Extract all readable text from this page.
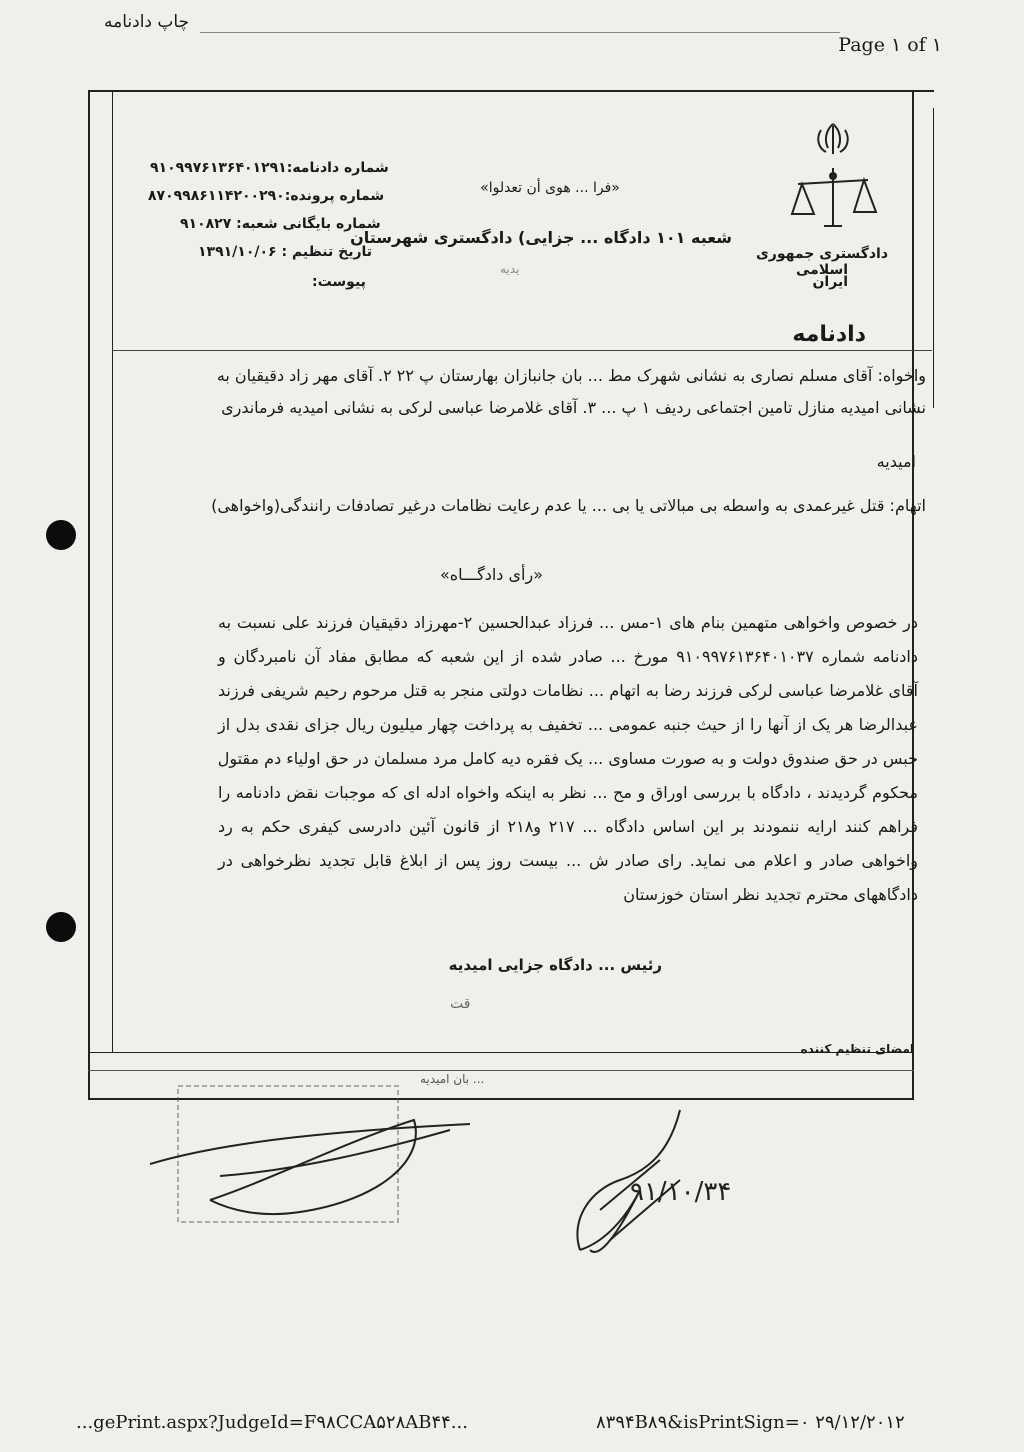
چاپ دادنامه
Page ١ of ١
دادگستری جمهوری اسلامی
ایران
دادنامه
«فرا ... هوی أن تعدلوا»
شعبه ۱۰۱ دادگاه ... جزایی) دادگستری شهرستان
یدیه
شماره دادنامه:۹۱۰۹۹۷۶۱۳۶۴۰۱۲۹۱
شماره پرونده:۸۷۰۹۹۸۶۱۱۴۲۰۰۲۹۰
شماره بایگانی شعبه: ۹۱۰۸۲۷
تاریخ تنظیم : ۱۳۹۱/۱۰/۰۶
پیوست:
واخواه: آقای مسلم نصاری به نشانی شهرک مط ... بان جانبازان بهارستان پ ۲۲ ۲. آقای مهر زاد دقیقیان به
نشانی امیدیه منازل تامین اجتماعی ردیف ۱ پ ... ۳. آقای غلامرضا عباسی لرکی به نشانی امیدیه فرماندری
امیدیه
اتهام: قتل غیرعمدی به واسطه بی مبالاتی یا بی ... یا عدم رعایت نظامات درغیر تصادفات رانندگی(واخواهی)
«رأی دادگـــاه»
در خصوص واخواهی متهمین بنام های ۱-مس ... فرزاد عبدالحسین ۲-مهرزاد دقیقیان فرزند علی نسبت به
دادنامه شماره ۹۱۰۹۹۷۶۱۳۶۴۰۱۰۳۷ مورخ ... صادر شده از این شعبه که مطابق مفاد آن نامبردگان و
آقای غلامرضا عباسی لرکی فرزند رضا به اتهام ... نظامات دولتی منجر به قتل مرحوم رحیم شریفی فرزند
عبدالرضا هر یک از آنها را از حیث جنبه عمومی ... تخفیف به پرداخت چهار میلیون ریال جزای نقدی بدل از
حبس در حق صندوق دولت و به صورت مساوی ... یک فقره دیه کامل مرد مسلمان در حق اولیاء دم مقتول
محکوم گردیدند ، دادگاه با بررسی اوراق و مح ... نظر به اینکه واخواه ادله ای که موجبات نقض دادنامه را
فراهم کنند ارایه ننمودند بر این اساس دادگاه ... ۲۱۷ و۲۱۸ از قانون آئین دادرسی کیفری حکم به رد
واخواهی صادر و اعلام می نماید. رای صادر ش ... بیست روز پس از ابلاغ قابل تجدید نظرخواهی در
دادگاههای محترم تجدید نظر استان خوزستان
رئیس ... دادگاه جزایی امیدیه
قت
امضای تنظیم کننده
... بان امیدیه
۹۱/۱۰/۳۴
...gePrint.aspx?JudgeId=F۹۸CCA۵۲۸AB۴۴...	۸۳۹۴B۸۹&isPrintSign=۰ ۲۹/۱۲/۲۰۱۲
